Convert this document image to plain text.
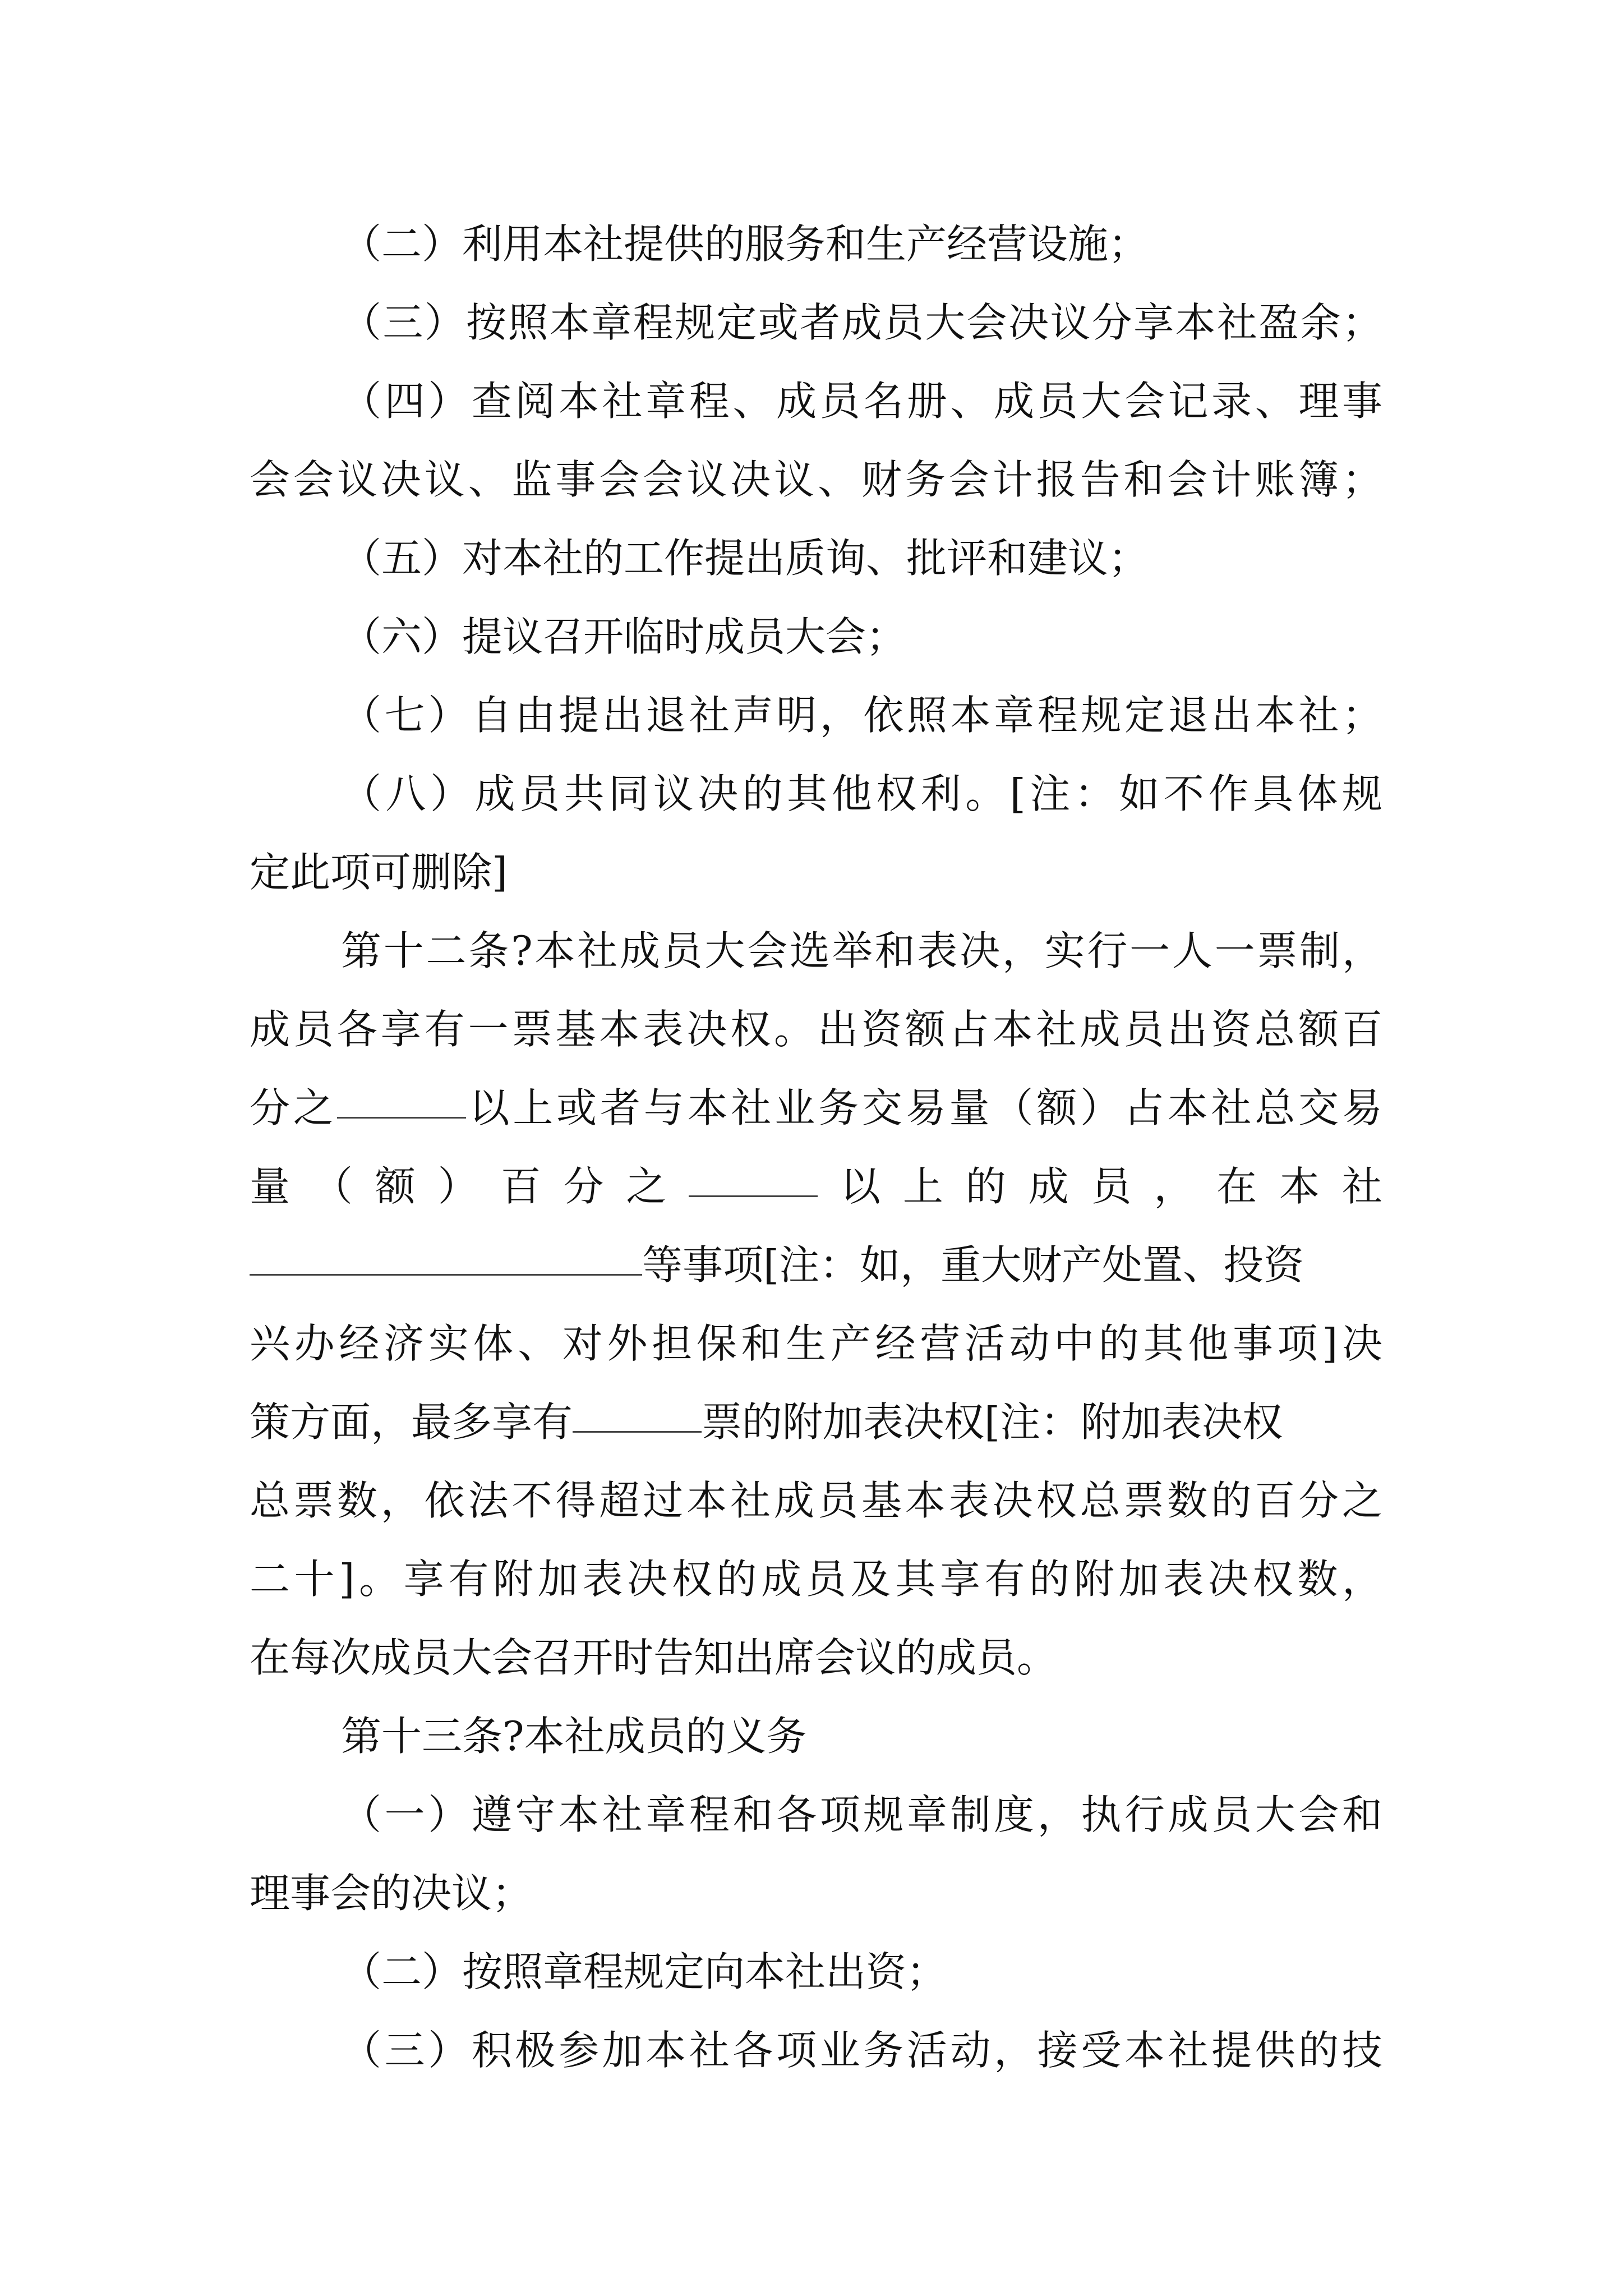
（二）利用本社提供的服务和生产经营设施；
（三）按照本章程规定或者成员大会决议分享本社盈余；
（四）查阅本社章程、成员名册、成员大会记录、理事
会会议决议、监事会会议决议、财务会计报告和会计账簿；
（五）对本社的工作提出质询、批评和建议；
（六）提议召开临时成员大会；
（七）自由提出退社声明，依照本章程规定退出本社；
（八）成员共同议决的其他权利。[注：如不作具体规
定此项可删除]
第十二条?本社成员大会选举和表决，实行一人一票制，
成员各享有一票基本表决权。出资额占本社成员出资总额百
分之	以上或者与本社业务交易量（额）占本社总交易
量（额）百分之	以上的成员，在本社
等事项[注：如，重大财产处置、投资
兴办经济实体、对外担保和生产经营活动中的其他事项]决
策方面，最多享有	票的附加表决权[注：附加表决权
总票数，依法不得超过本社成员基本表决权总票数的百分之
二十]。享有附加表决权的成员及其享有的附加表决权数，
在每次成员大会召开时告知出席会议的成员。
第十三条?本社成员的义务
（一）遵守本社章程和各项规章制度，执行成员大会和
理事会的决议；
（二）按照章程规定向本社出资；
（三）积极参加本社各项业务活动，接受本社提供的技
